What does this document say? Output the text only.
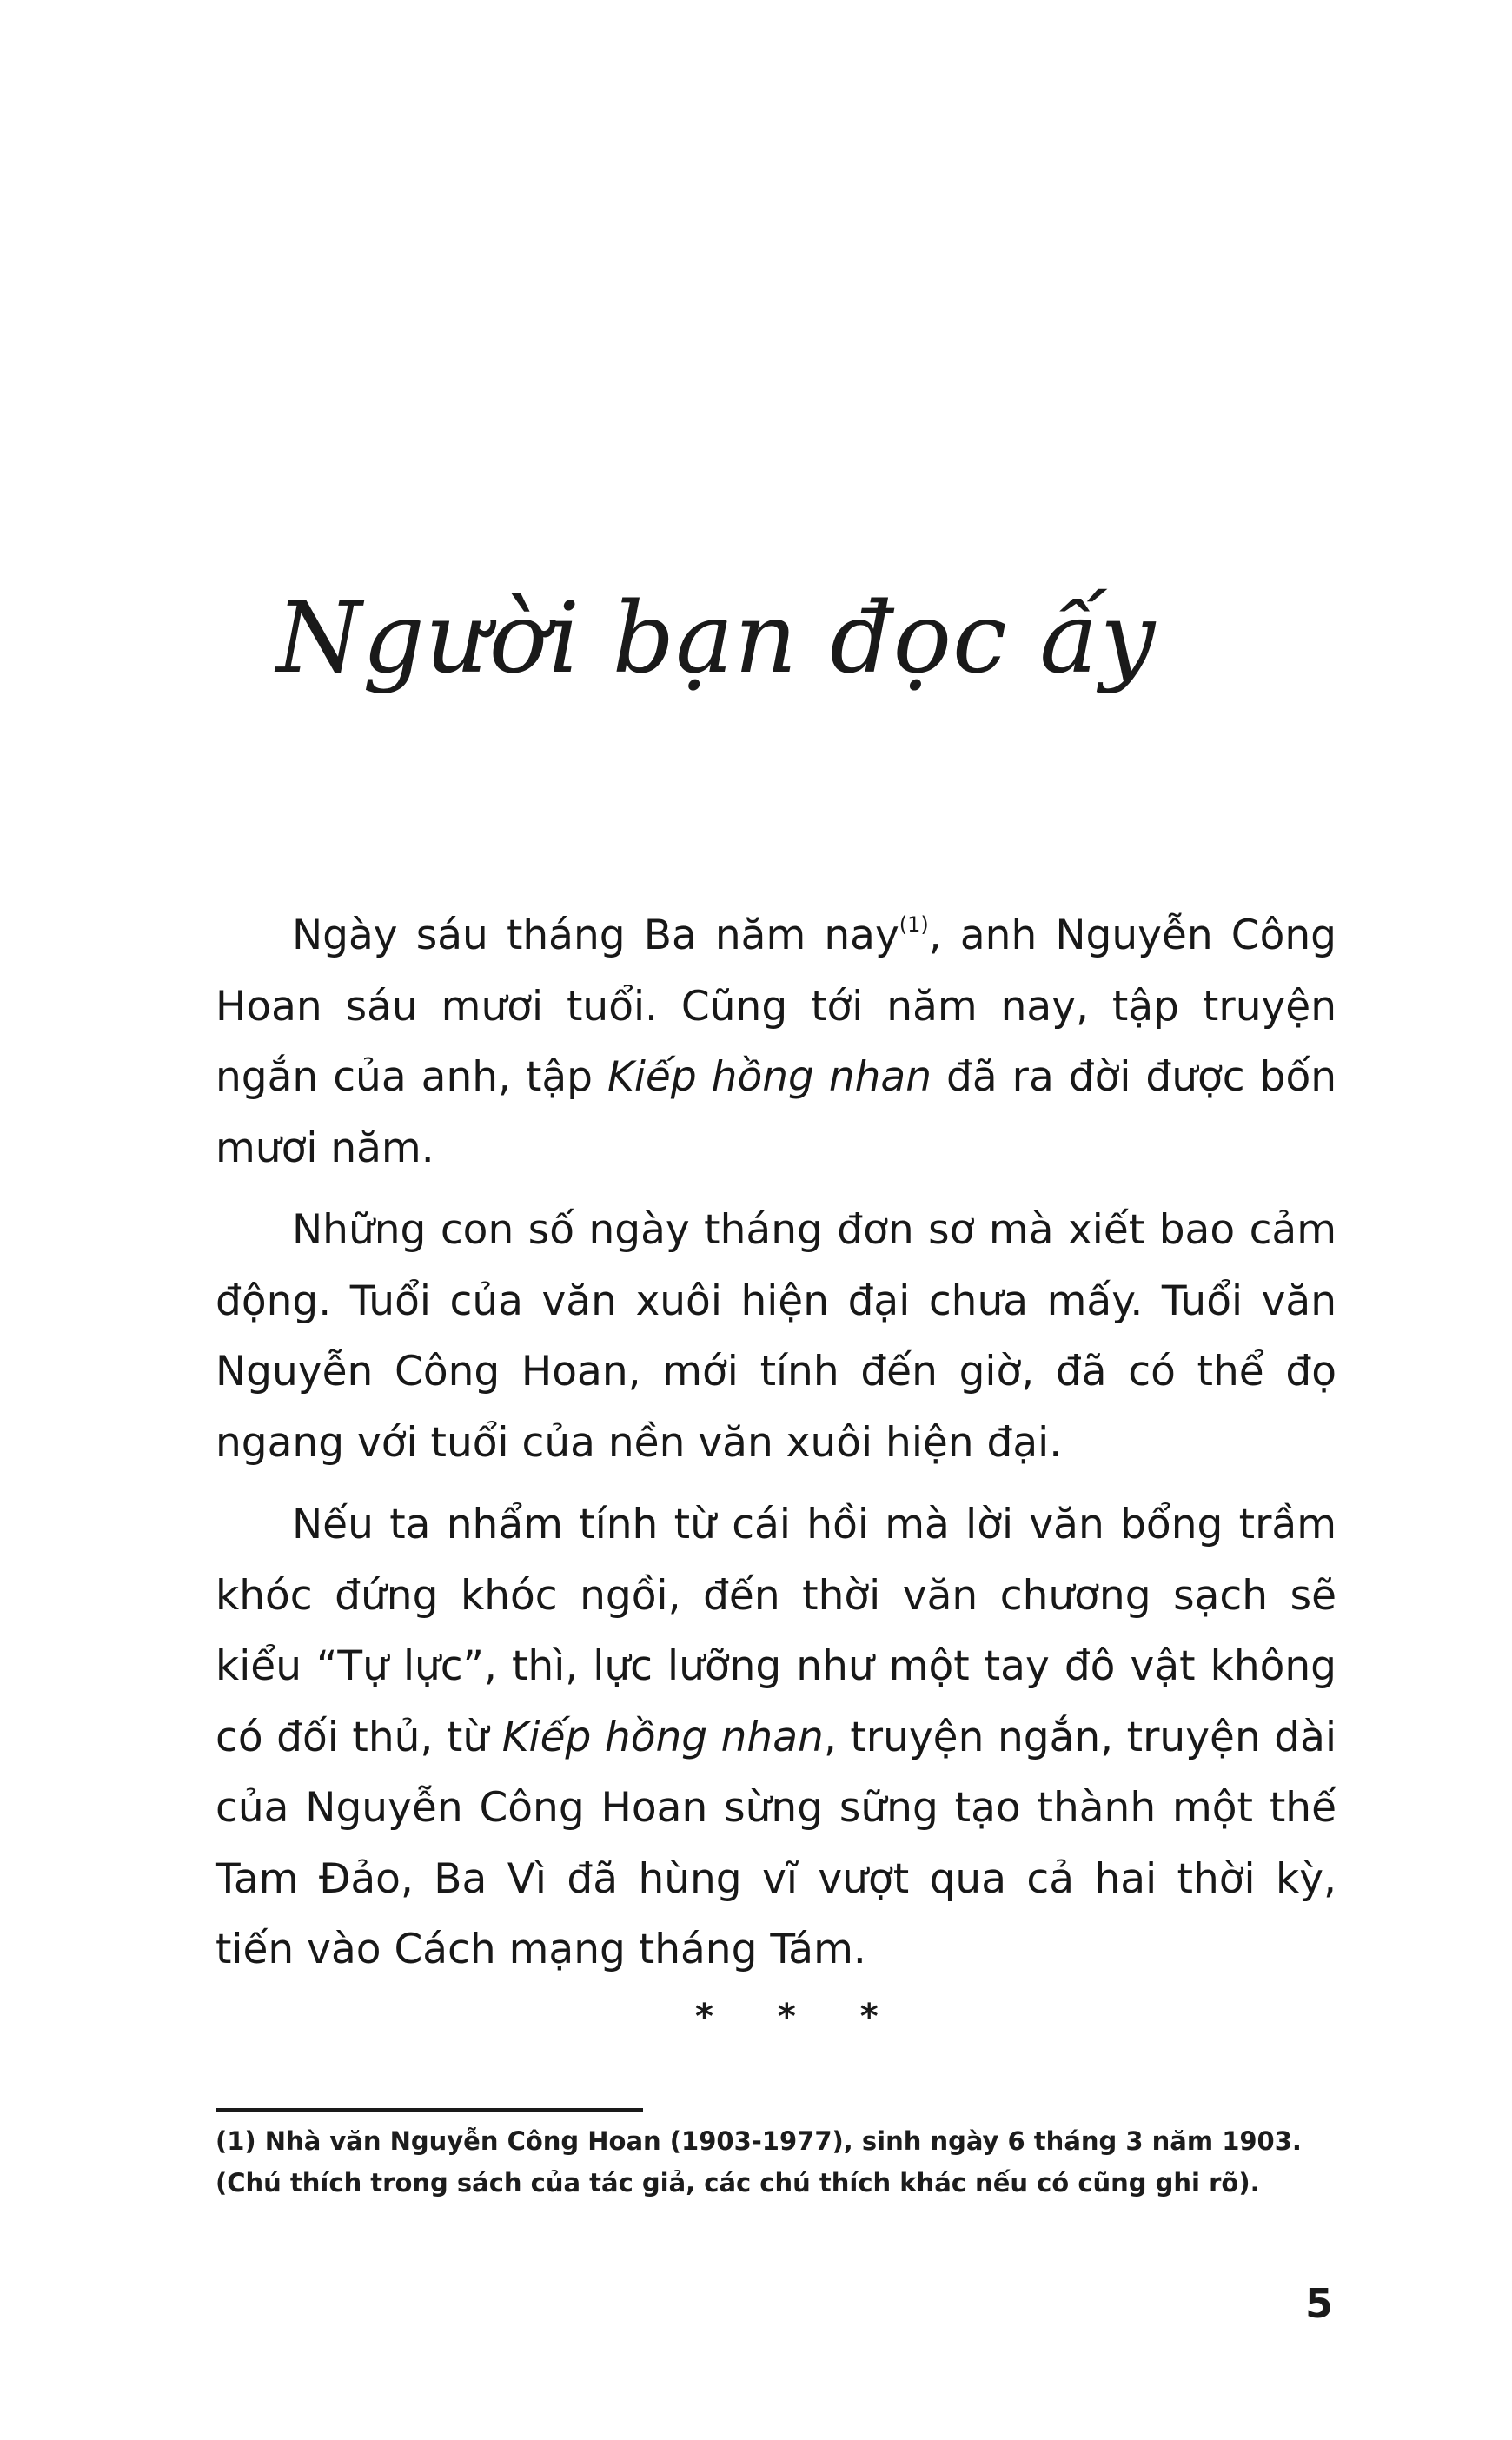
Người bạn đọc ấy

Ngày sáu tháng Ba năm nay$^{(1)}$, anh Nguyễn Công Hoan sáu mươi tuổi. Cũng tới năm nay, tập truyện ngắn của anh, tập Kiếp hồng nhan đã ra đời được bốn mươi năm.

Những con số ngày tháng đơn sơ mà xiết bao cảm động. Tuổi của văn xuôi hiện đại chưa mấy. Tuổi văn Nguyễn Công Hoan, mới tính đến giờ, đã có thể đọ ngang với tuổi của nền văn xuôi hiện đại.

Nếu ta nhẩm tính từ cái hồi mà lời văn bổng trầm khóc đứng khóc ngồi, đến thời văn chương sạch sẽ kiểu “Tự lực”, thì, lực lưỡng như một tay đô vật không có đối thủ, từ Kiếp hồng nhan, truyện ngắn, truyện dài của Nguyễn Công Hoan sừng sững tạo thành một thế Tam Đảo, Ba Vì đã hùng vĩ vượt qua cả hai thời kỳ, tiến vào Cách mạng tháng Tám.

* * *
(1) Nhà văn Nguyễn Công Hoan (1903-1977), sinh ngày 6 tháng 3 năm 1903.
(Chú thích trong sách của tác giả, các chú thích khác nếu có cũng ghi rõ).
5
